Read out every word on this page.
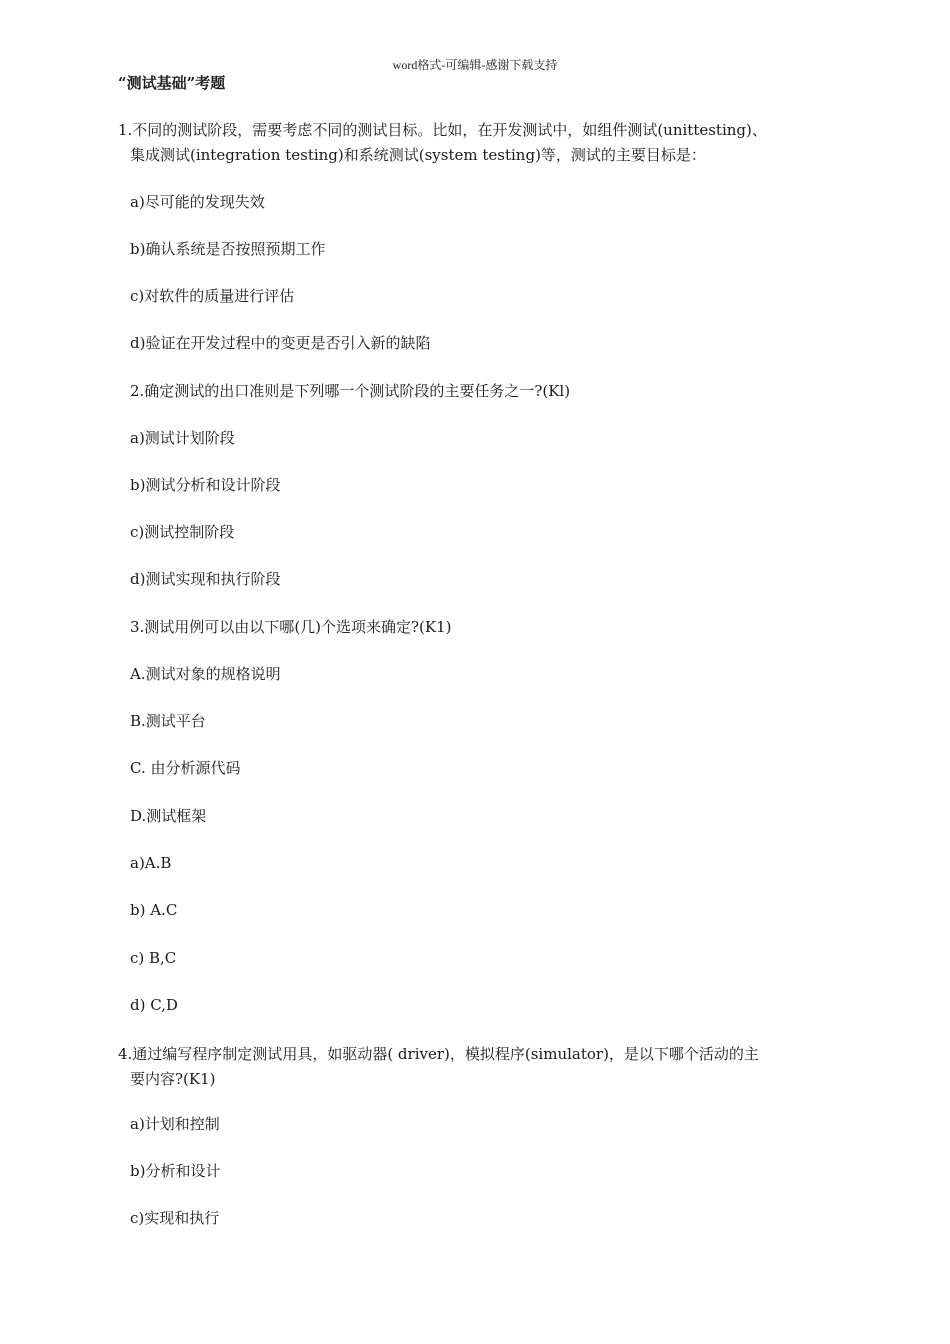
word格式-可编辑-感谢下载支持
“测试基础”考题
1.不同的测试阶段，需要考虑不同的测试目标。比如，在开发测试中，如组件测试(unittesting)、
集成测试(integration testing)和系统测试(system testing)等，测试的主要目标是：
a)尽可能的发现失效
b)确认系统是否按照预期工作
c)对软件的质量进行评估
d)验证在开发过程中的变更是否引入新的缺陷
2.确定测试的出口准则是下列哪一个测试阶段的主要任务之一?(Kl)
a)测试计划阶段
b)测试分析和设计阶段
c)测试控制阶段
d)测试实现和执行阶段
3.测试用例可以由以下哪(几)个选项来确定?(K1)
A.测试对象的规格说明
B.测试平台
C. 由分析源代码
D.测试框架
a)A.B
b) A.C
c) B,C
d) C,D
4.通过编写程序制定测试用具，如驱动器( driver)，模拟程序(simulator)，是以下哪个活动的主
要内容?(K1)
a)计划和控制
b)分析和设计
c)实现和执行
